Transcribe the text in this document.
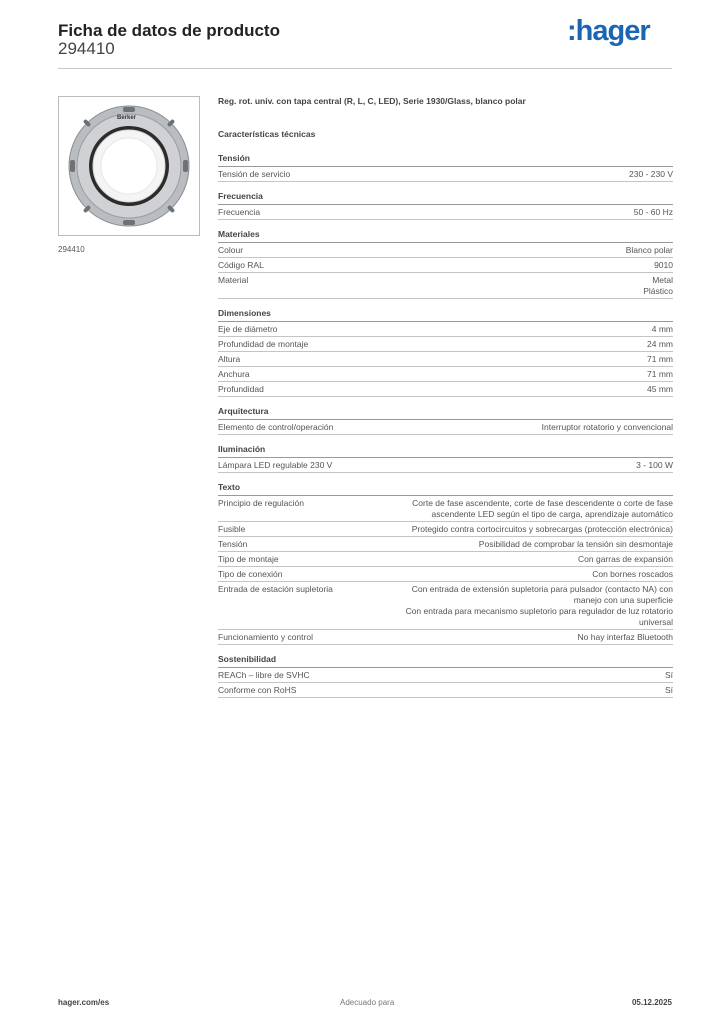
Ficha de datos de producto
294410
:hager
Berker
294410
Reg. rot. univ. con tapa central (R, L, C, LED), Serie 1930/Glass, blanco polar
Características técnicas
Tensión
Tensión de servicio	230 - 230 V
Frecuencia
Frecuencia	50 - 60 Hz
Materiales
Colour	Blanco polar
Código RAL	9010
Material	Metal
Plástico
Dimensiones
Eje de diámetro	4 mm
Profundidad de montaje	24 mm
Altura	71 mm
Anchura	71 mm
Profundidad	45 mm
Arquitectura
Elemento de control/operación	Interruptor rotatorio y convencional
Iluminación
Lámpara LED regulable 230 V	3 - 100 W
Texto
Principio de regulación	Corte de fase ascendente, corte de fase descendente o corte de fase
ascendente LED según el tipo de carga, aprendizaje automático
Fusible	Protegido contra cortocircuitos y sobrecargas (protección electrónica)
Tensión	Posibilidad de comprobar la tensión sin desmontaje
Tipo de montaje	Con garras de expansión
Tipo de conexión	Con bornes roscados
Entrada de estación supletoria	Con entrada de extensión supletoria para pulsador (contacto NA) con
manejo con una superficie
Con entrada para mecanismo supletorio para regulador de luz rotatorio
universal
Funcionamiento y control	No hay interfaz Bluetooth
Sostenibilidad
REACh – libre de SVHC	Sí
Conforme con RoHS	Sí
hager.com/es	Adecuado para	05.12.2025
